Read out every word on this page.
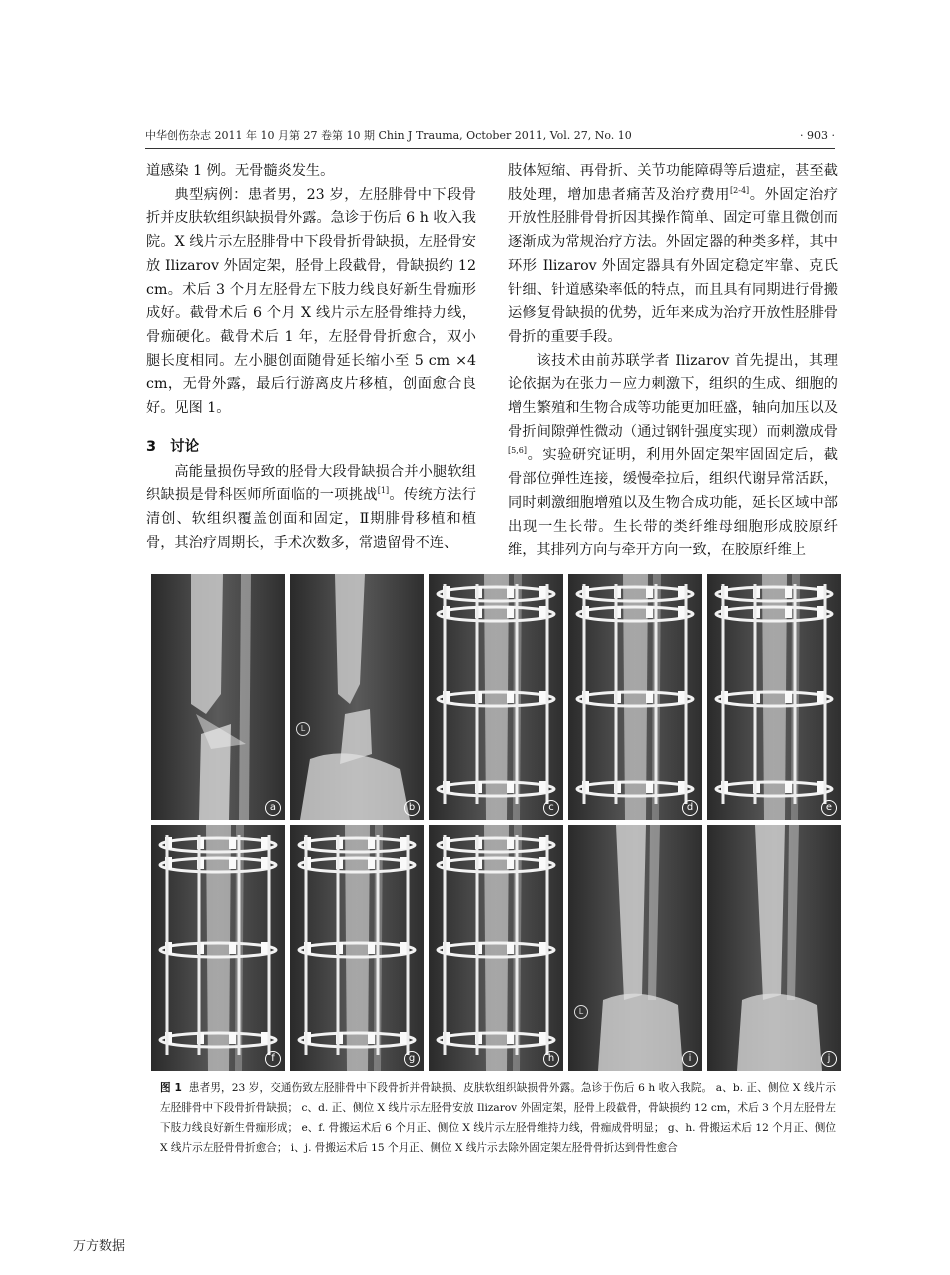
中华创伤杂志 2011 年 10 月第 27 卷第 10 期 Chin J Trauma, October 2011, Vol. 27, No. 10	· 903 ·

道感染 1 例。无骨髓炎发生。

典型病例：患者男，23 岁，左胫腓骨中下段骨折并皮肤软组织缺损骨外露。急诊于伤后 6 h 收入我院。X 线片示左胫腓骨中下段骨折骨缺损，左胫骨安放 Ilizarov 外固定架，胫骨上段截骨，骨缺损约 12 cm。术后 3 个月左胫骨左下肢力线良好新生骨痂形成好。截骨术后 6 个月 X 线片示左胫骨维持力线，骨痂硬化。截骨术后 1 年，左胫骨骨折愈合，双小腿长度相同。左小腿创面随骨延长缩小至 5 cm ×4 cm，无骨外露，最后行游离皮片移植，创面愈合良好。见图 1。

3 讨论

高能量损伤导致的胫骨大段骨缺损合并小腿软组织缺损是骨科医师所面临的一项挑战[1]。传统方法行清创、软组织覆盖创面和固定，Ⅱ期腓骨移植和植骨，其治疗周期长，手术次数多，常遗留骨不连、

肢体短缩、再骨折、关节功能障碍等后遗症，甚至截肢处理，增加患者痛苦及治疗费用[2-4]。外固定治疗开放性胫腓骨骨折因其操作简单、固定可靠且微创而逐渐成为常规治疗方法。外固定器的种类多样，其中环形 Ilizarov 外固定器具有外固定稳定牢靠、克氏针细、针道感染率低的特点，而且具有同期进行骨搬运修复骨缺损的优势，近年来成为治疗开放性胫腓骨骨折的重要手段。

该技术由前苏联学者 Ilizarov 首先提出，其理论依据为在张力－应力刺激下，组织的生成、细胞的增生繁殖和生物合成等功能更加旺盛，轴向加压以及骨折间隙弹性微动（通过钢针强度实现）而刺激成骨[5,6]。实验研究证明，利用外固定架牢固固定后，截骨部位弹性连接，缓慢牵拉后，组织代谢异常活跃，同时刺激细胞增殖以及生物合成功能，延长区域中部出现一生长带。生长带的类纤维母细胞形成胶原纤维，其排列方向与牵开方向一致，在胶原纤维上

a	b
L
c	d	e
f	g	h	i
L
j
图 1 患者男，23 岁，交通伤致左胫腓骨中下段骨折并骨缺损、皮肤软组织缺损骨外露。急诊于伤后 6 h 收入我院。 a、b. 正、侧位 X 线片示左胫腓骨中下段骨折骨缺损； c、d. 正、侧位 X 线片示左胫骨安放 Ilizarov 外固定架，胫骨上段截骨，骨缺损约 12 cm，术后 3 个月左胫骨左下肢力线良好新生骨痂形成； e、f. 骨搬运术后 6 个月正、侧位 X 线片示左胫骨维持力线，骨痂成骨明显； g、h. 骨搬运术后 12 个月正、侧位 X 线片示左胫骨骨折愈合； i、j. 骨搬运术后 15 个月正、侧位 X 线片示去除外固定架左胫骨骨折达到骨性愈合
万方数据
